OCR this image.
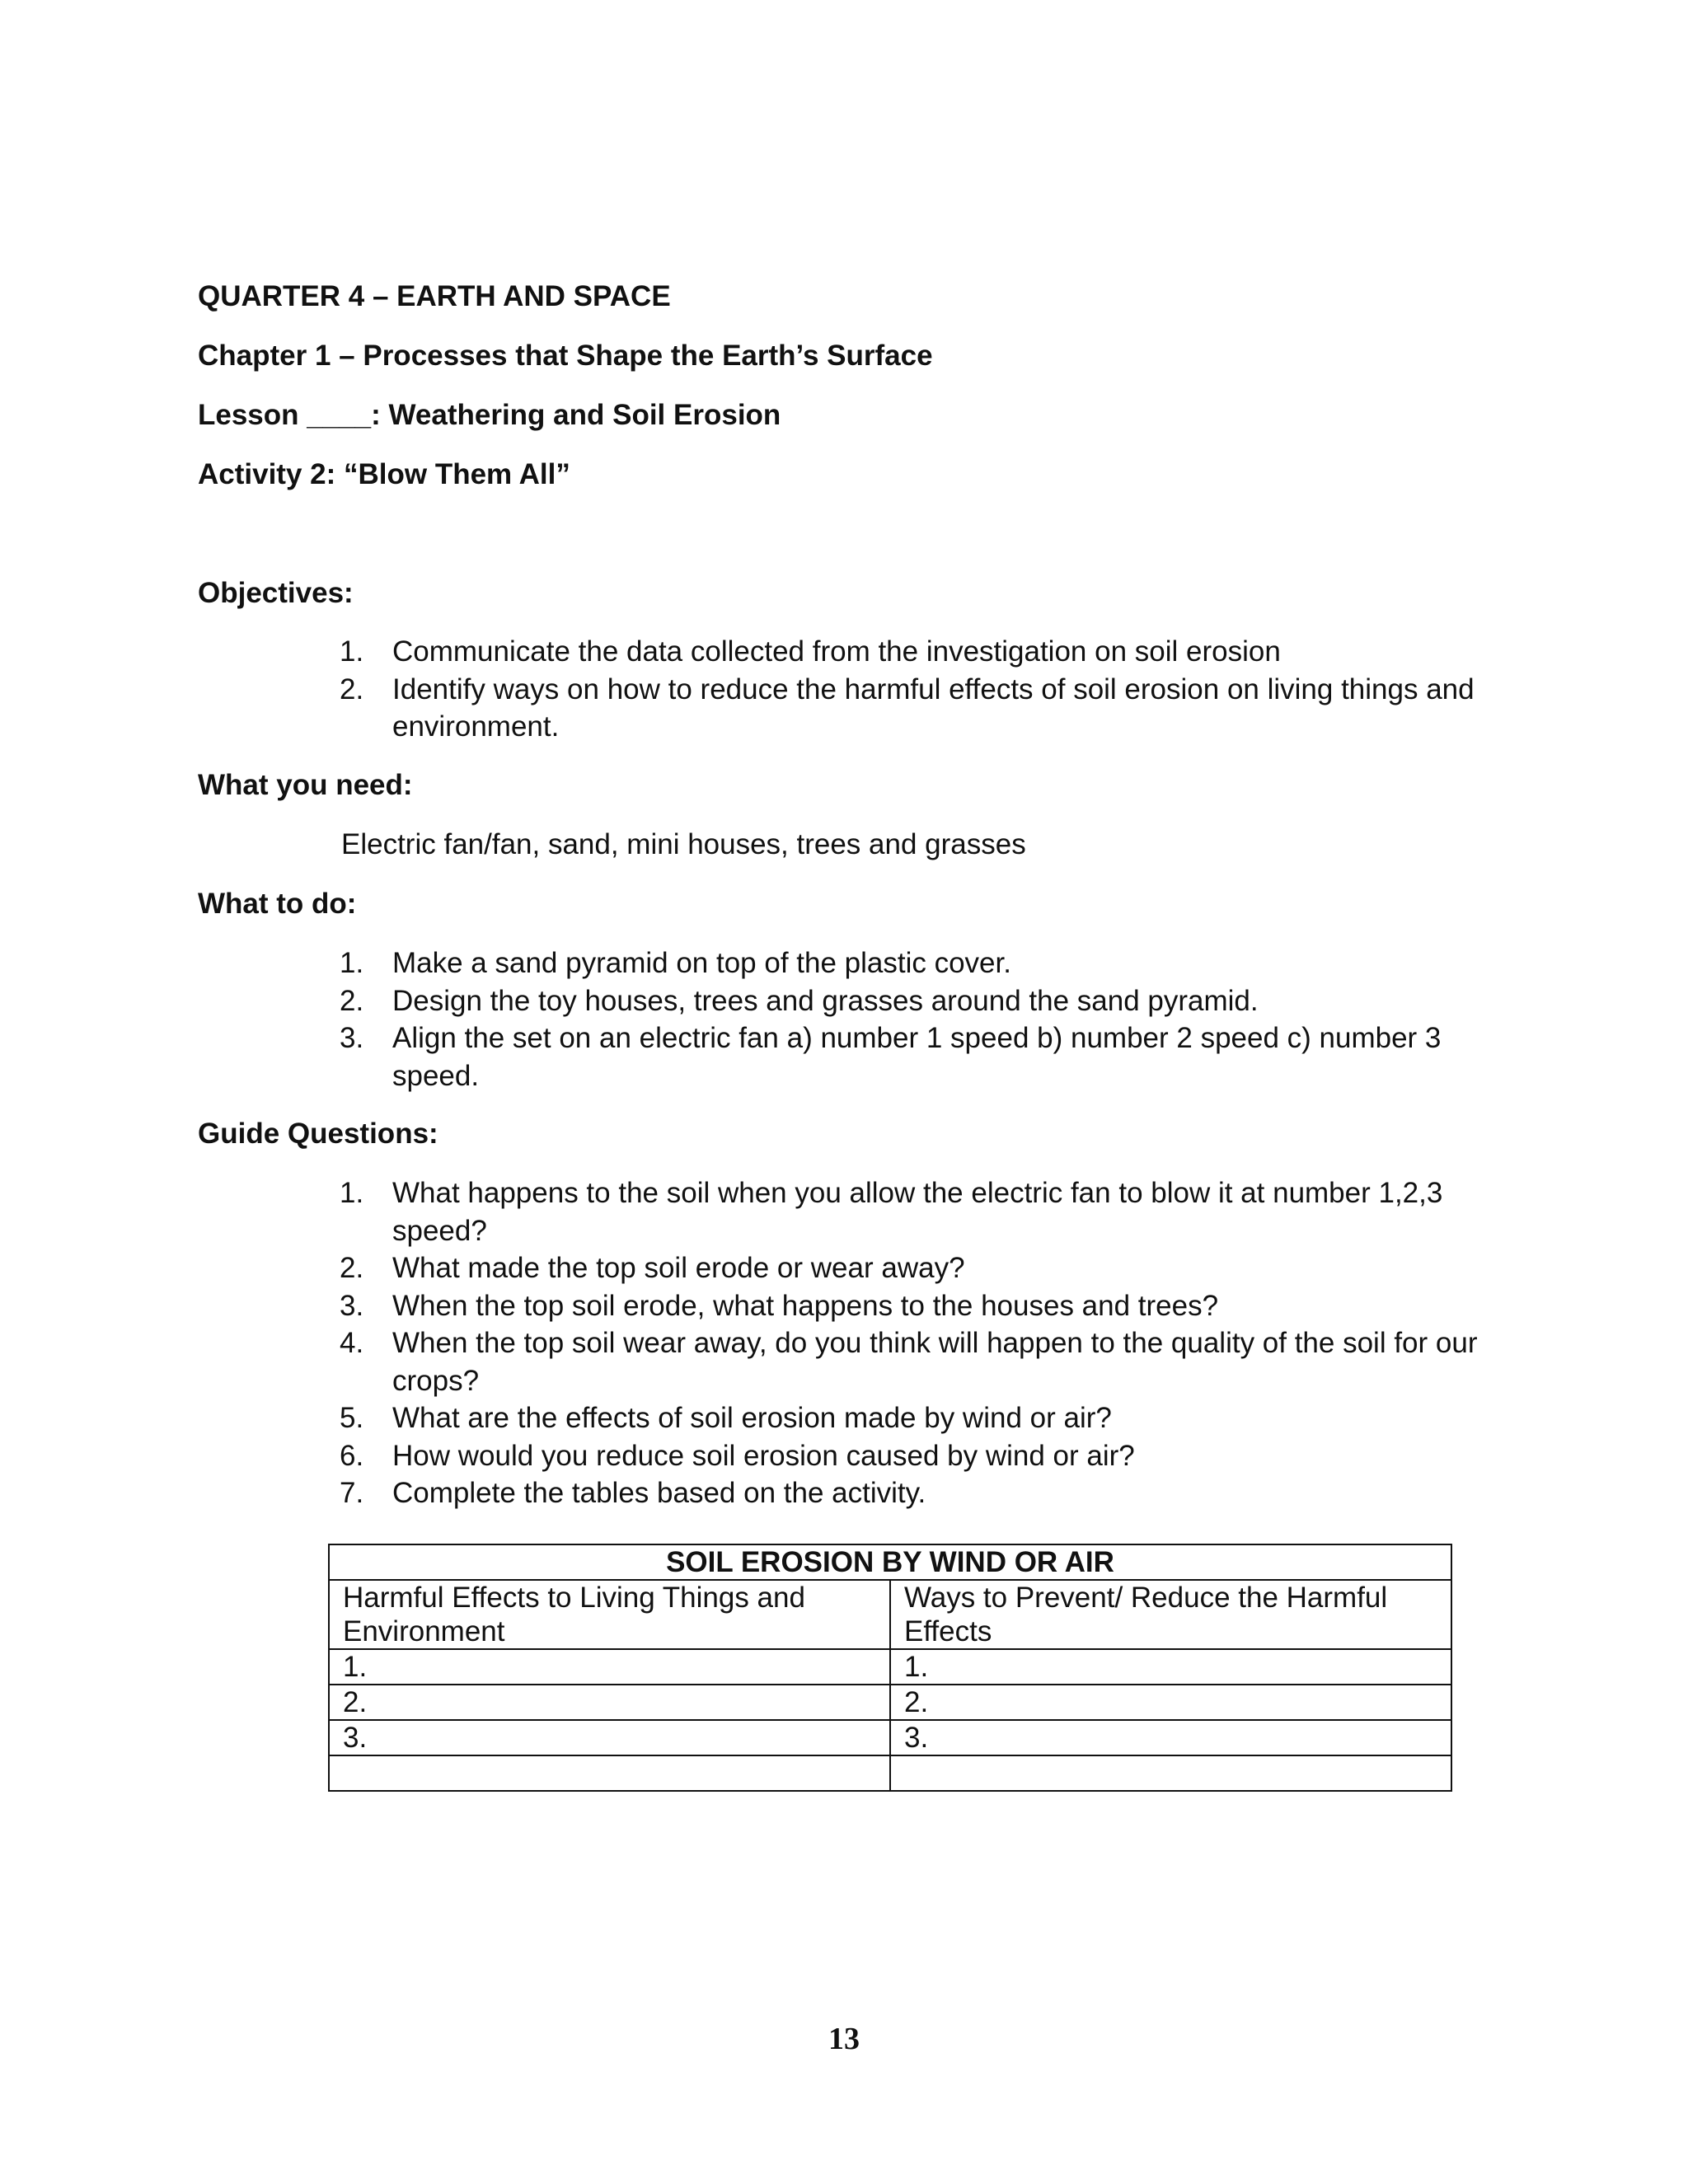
QUARTER 4 – EARTH AND SPACE
Chapter 1 – Processes that Shape the Earth’s Surface
Lesson ____: Weathering and Soil Erosion
Activity 2: “Blow Them All”
Objectives:
1. Communicate the data collected from the investigation on soil erosion
2. Identify ways on how to reduce the harmful effects of soil erosion on living things and environment.
What you need:
Electric fan/fan, sand, mini houses, trees and grasses
What to do:
1. Make a sand pyramid on top of the plastic cover.
2. Design the toy houses, trees and grasses around the sand pyramid.
3. Align the set on an electric fan a) number 1 speed b) number 2 speed c) number 3 speed.
Guide Questions:
1. What happens to the soil when you allow the electric fan to blow it at number 1,2,3 speed?
2. What made the top soil erode or wear away?
3. When the top soil erode, what happens to the houses and trees?
4. When the top soil wear away, do you think will happen to the quality of the soil for our crops?
5. What are the effects of soil erosion made by wind or air?
6. How would you reduce soil erosion caused by wind or air?
7. Complete the tables based on the activity.
SOIL EROSION BY WIND OR AIR	
Harmful Effects to Living Things and Environment	Ways to Prevent/ Reduce the Harmful Effects
1.	1.
2.	2.
3.	3.

13
